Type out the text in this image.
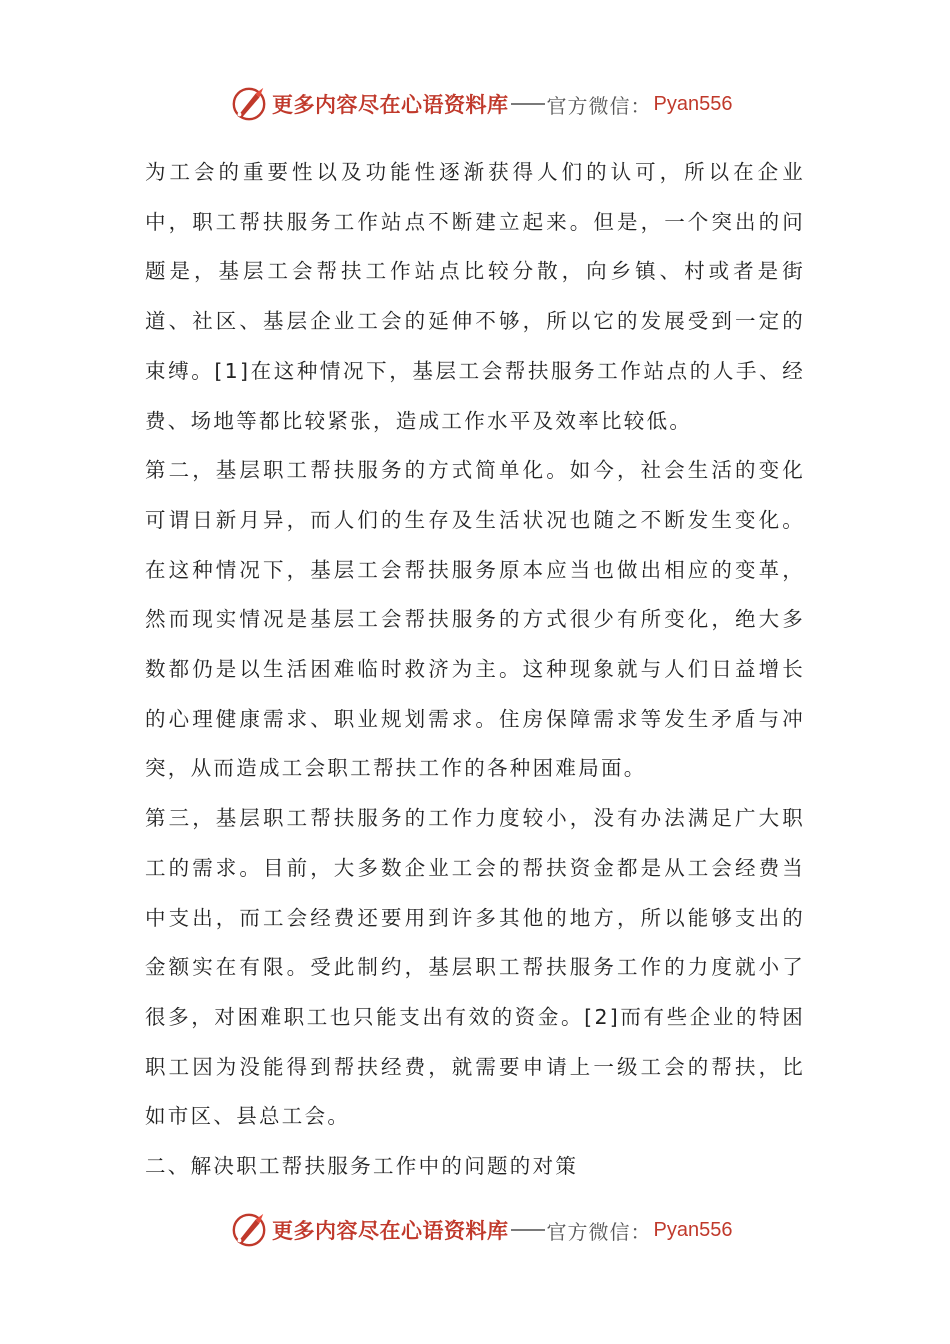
更多内容尽在心语资料库 官方微信： Pyan556

为工会的重要性以及功能性逐渐获得人们的认可，所以在企业中，职工帮扶服务工作站点不断建立起来。但是，一个突出的问题是，基层工会帮扶工作站点比较分散，向乡镇、村或者是街道、社区、基层企业工会的延伸不够，所以它的发展受到一定的束缚。[1]在这种情况下，基层工会帮扶服务工作站点的人手、经费、场地等都比较紧张，造成工作水平及效率比较低。

第二，基层职工帮扶服务的方式简单化。如今，社会生活的变化可谓日新月异，而人们的生存及生活状况也随之不断发生变化。在这种情况下，基层工会帮扶服务原本应当也做出相应的变革，然而现实情况是基层工会帮扶服务的方式很少有所变化，绝大多数都仍是以生活困难临时救济为主。这种现象就与人们日益增长的心理健康需求、职业规划需求。住房保障需求等发生矛盾与冲突，从而造成工会职工帮扶工作的各种困难局面。

第三，基层职工帮扶服务的工作力度较小，没有办法满足广大职工的需求。目前，大多数企业工会的帮扶资金都是从工会经费当中支出，而工会经费还要用到许多其他的地方，所以能够支出的金额实在有限。受此制约，基层职工帮扶服务工作的力度就小了很多，对困难职工也只能支出有效的资金。[2]而有些企业的特困职工因为没能得到帮扶经费，就需要申请上一级工会的帮扶，比如市区、县总工会。

二、解决职工帮扶服务工作中的问题的对策

更多内容尽在心语资料库 官方微信： Pyan556
